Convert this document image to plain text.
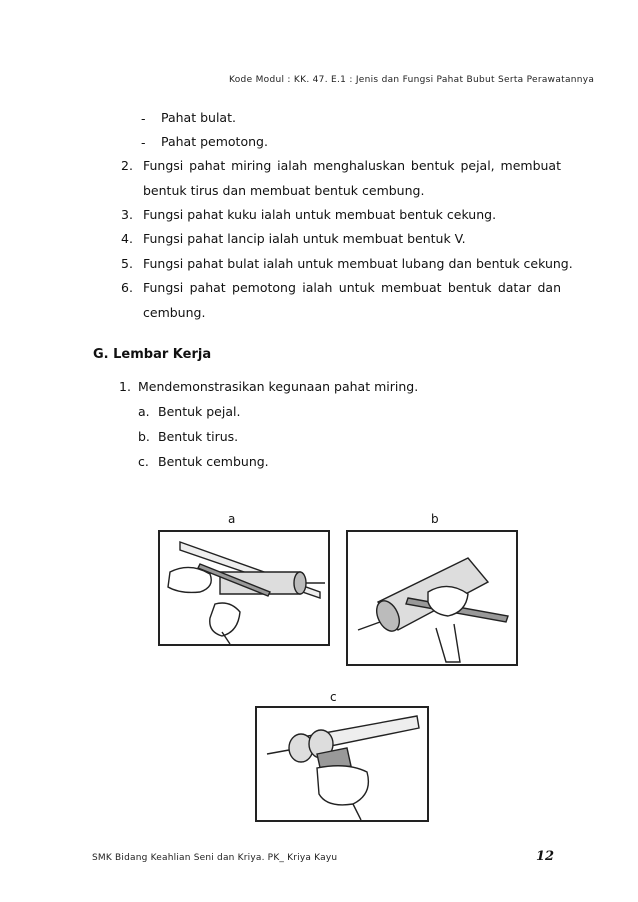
Kode Modul : KK. 47. E.1 : Jenis dan Fungsi Pahat Bubut Serta Perawatannya
- Pahat bulat.
- Pahat pemotong.
2. Fungsi pahat miring ialah menghaluskan bentuk pejal, membuat
bentuk tirus dan membuat bentuk cembung.
3. Fungsi pahat kuku ialah untuk membuat bentuk cekung.
4. Fungsi pahat lancip ialah untuk membuat bentuk V.
5. Fungsi pahat bulat ialah untuk membuat lubang dan bentuk cekung.
6. Fungsi pahat pemotong ialah untuk membuat bentuk datar dan
cembung.
G. Lembar Kerja
1. Mendemonstrasikan kegunaan pahat miring.
a. Bentuk pejal.
b. Bentuk tirus.
c. Bentuk cembung.
a	b
c
SMK Bidang Keahlian Seni dan Kriya. PK_ Kriya Kayu	12
